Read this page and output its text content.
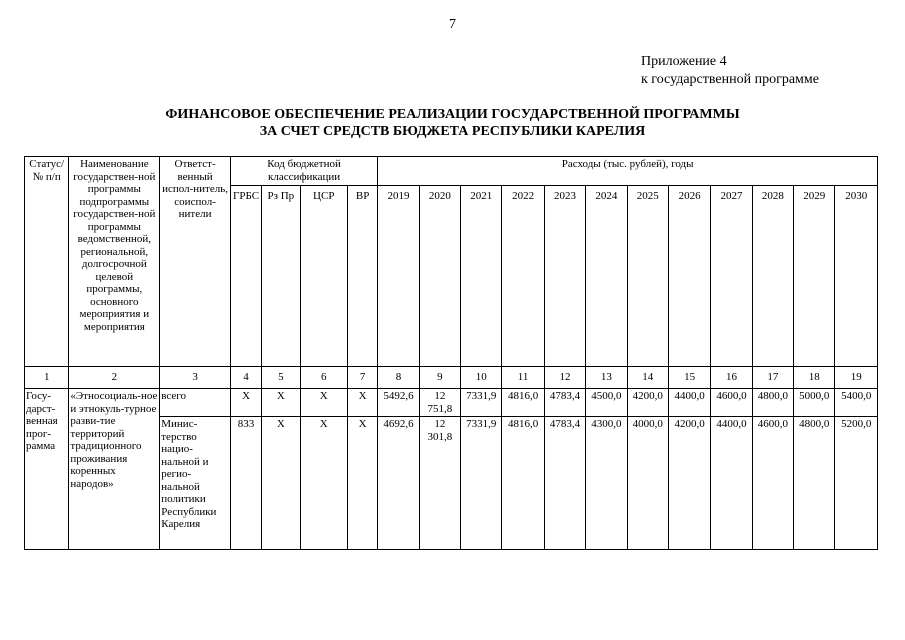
7
Приложение 4
к государственной программе
ФИНАНСОВОЕ ОБЕСПЕЧЕНИЕ РЕАЛИЗАЦИИ ГОСУДАРСТВЕННОЙ ПРОГРАММЫ
ЗА СЧЕТ СРЕДСТВ БЮДЖЕТА РЕСПУБЛИКИ КАРЕЛИЯ
Статус/ № п/п	Наименование государствен-ной программы подпрограммы государствен-ной программы ведомственной, региональной, долгосрочной целевой программы, основного мероприятия и мероприятия	Ответст-венный испол-нитель, соиспол-нители	Код бюджетной классификации				Расходы (тыс. рублей), годы											
			ГРБС	Рз Пр	ЦСР	ВР	2019	2020	2021	2022	2023	2024	2025	2026	2027	2028	2029	2030
1	2	3	4	5	6	7	8	9	10	11	12	13	14	15	16	17	18	19
Госу-дарст-венная прог-рамма	«Этносоциаль-ное и этнокуль-турное разви-тие территорий традиционного проживания коренных народов»	всего	X	X	X	X	5492,6	12 751,8	7331,9	4816,0	4783,4	4500,0	4200,0	4400,0	4600,0	4800,0	5000,0	5400,0
		Минис-терство нацио-нальной и регио-нальной политики Республики Карелия	833	X	X	X	4692,6	12 301,8	7331,9	4816,0	4783,4	4300,0	4000,0	4200,0	4400,0	4600,0	4800,0	5200,0
